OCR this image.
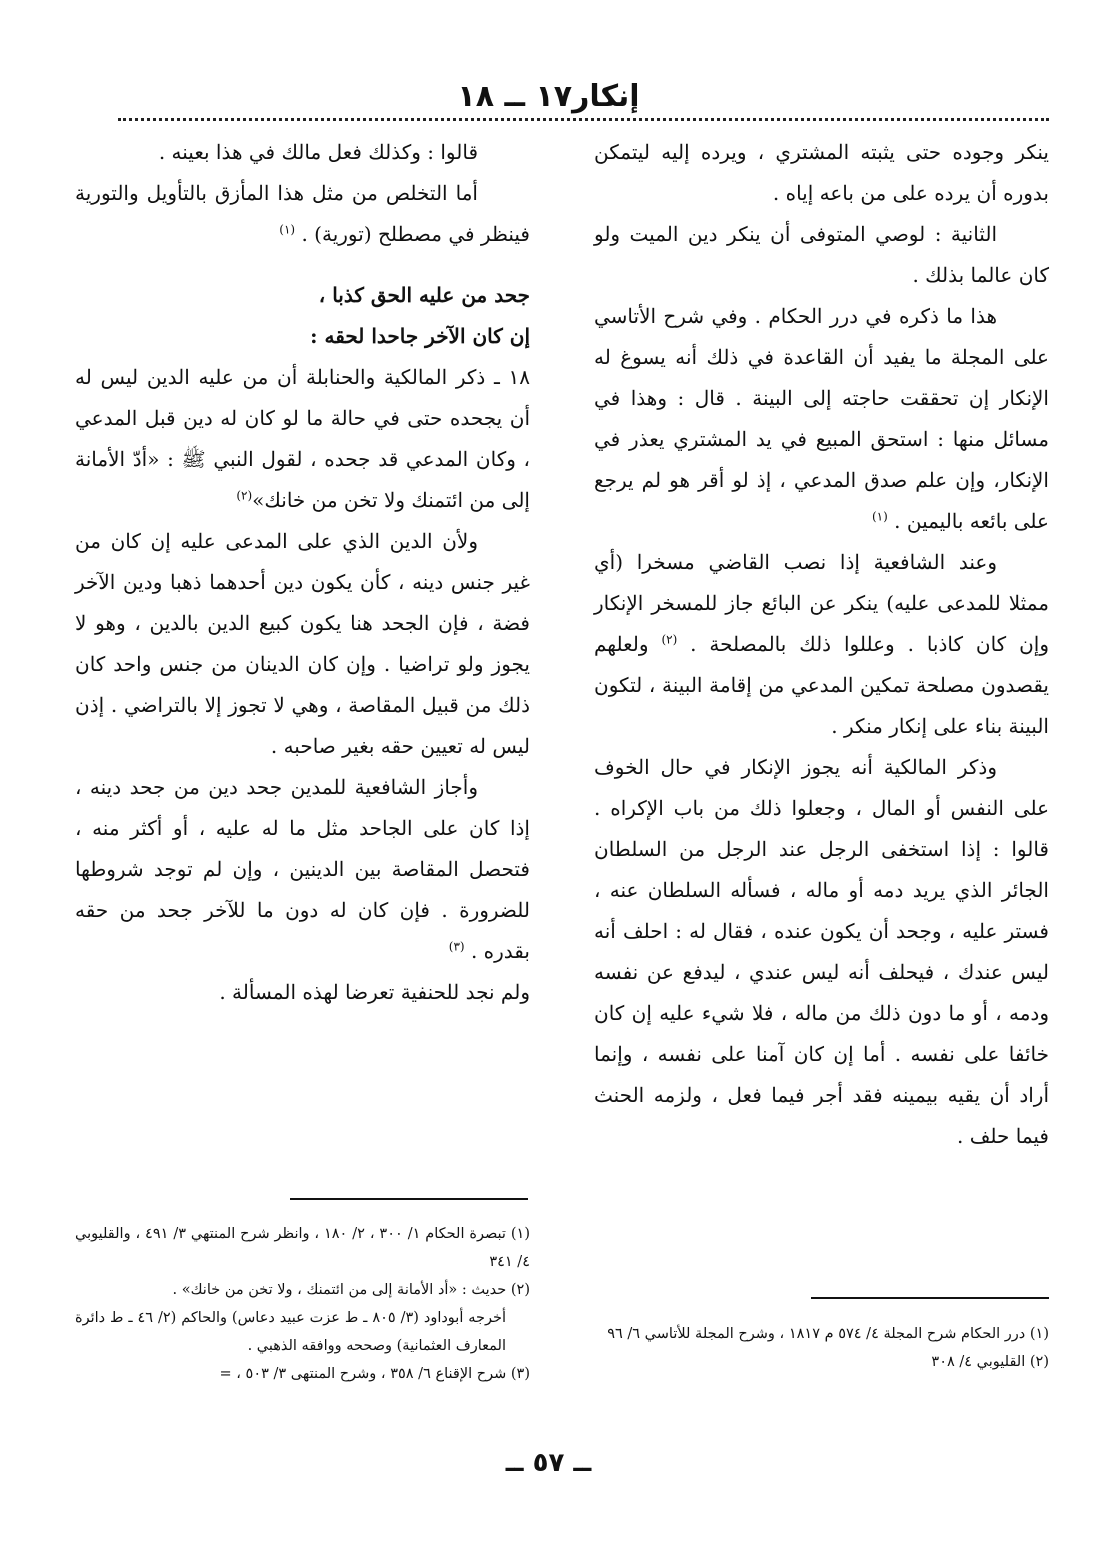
إنكار١٧ ــ ١٨

ينكر وجوده حتى يثبته المشتري ، ويرده إليه ليتمكن بدوره أن يرده على من باعه إياه .

الثانية : لوصي المتوفى أن ينكر دين الميت ولو كان عالما بذلك .

هذا ما ذكره في درر الحكام . وفي شرح الأتاسي على المجلة ما يفيد أن القاعدة في ذلك أنه يسوغ له الإنكار إن تحققت حاجته إلى البينة . قال : وهذا في مسائل منها : استحق المبيع في يد المشتري يعذر في الإنكار، وإن علم صدق المدعي ، إذ لو أقر هو لم يرجع على بائعه باليمين . $^{(١)}$

وعند الشافعية إذا نصب القاضي مسخرا (أي ممثلا للمدعى عليه) ينكر عن البائع جاز للمسخر الإنكار وإن كان كاذبا . وعللوا ذلك بالمصلحة . $^{(٢)}$ ولعلهم يقصدون مصلحة تمكين المدعي من إقامة البينة ، لتكون البينة بناء على إنكار منكر .

وذكر المالكية أنه يجوز الإنكار في حال الخوف على النفس أو المال ، وجعلوا ذلك من باب الإكراه . قالوا : إذا استخفى الرجل عند الرجل من السلطان الجائر الذي يريد دمه أو ماله ، فسأله السلطان عنه ، فستر عليه ، وجحد أن يكون عنده ، فقال له : احلف أنه ليس عندك ، فيحلف أنه ليس عندي ، ليدفع عن نفسه ودمه ، أو ما دون ذلك من ماله ، فلا شيء عليه إن كان خائفا على نفسه . أما إن كان آمنا على نفسه ، وإنما أراد أن يقيه بيمينه فقد أجر فيما فعل ، ولزمه الحنث فيما حلف .

قالوا : وكذلك فعل مالك في هذا بعينه .

أما التخلص من مثل هذا المأزق بالتأويل والتورية فينظر في مصطلح (تورية) . $^{(١)}$

جحد من عليه الحق كذبا ،

إن كان الآخر جاحدا لحقه :

١٨ ـ ذكر المالكية والحنابلة أن من عليه الدين ليس له أن يجحده حتى في حالة ما لو كان له دين قبل المدعي ، وكان المدعي قد جحده ، لقول النبي ﷺ : «أدّ الأمانة إلى من ائتمنك ولا تخن من خانك»$^{(٢)}$

ولأن الدين الذي على المدعى عليه إن كان من غير جنس دينه ، كأن يكون دين أحدهما ذهبا ودين الآخر فضة ، فإن الجحد هنا يكون كبيع الدين بالدين ، وهو لا يجوز ولو تراضيا . وإن كان الدينان من جنس واحد كان ذلك من قبيل المقاصة ، وهي لا تجوز إلا بالتراضي . إذن ليس له تعيين حقه بغير صاحبه .

وأجاز الشافعية للمدين جحد دين من جحد دينه ، إذا كان على الجاحد مثل ما له عليه ، أو أكثر منه ، فتحصل المقاصة بين الدينين ، وإن لم توجد شروطها للضرورة . فإن كان له دون ما للآخر جحد من حقه بقدره . $^{(٣)}$

ولم نجد للحنفية تعرضا لهذه المسألة .

(١) درر الحكام شرح المجلة ٤/ ٥٧٤ م ١٨١٧ ، وشرح المجلة للأتاسي ٦/ ٩٦

(٢) القليوبي ٤/ ٣٠٨

(١) تبصرة الحكام ١/ ٣٠٠ ، ٢/ ١٨٠ ، وانظر شرح المنتهي ٣/ ٤٩١ ، والقليوبي ٤/ ٣٤١

(٢) حديث : «أد الأمانة إلى من ائتمنك ، ولا تخن من خانك» .

أخرجه أبوداود (٣/ ٨٠٥ ـ ط عزت عبيد دعاس) والحاكم (٢/ ٤٦ ـ ط دائرة المعارف العثمانية) وصححه ووافقه الذهبي .

(٣) شرح الإقناع ٦/ ٣٥٨ ، وشرح المنتهى ٣/ ٥٠٣ ، =

ــ ٥٧ ــ
